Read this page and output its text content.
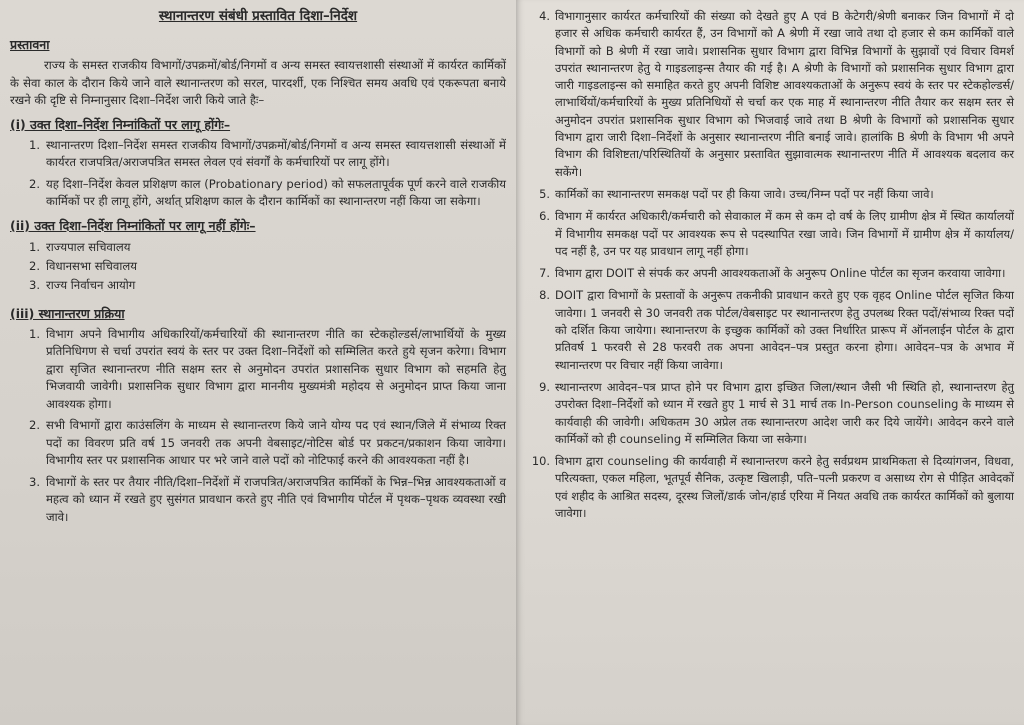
स्थानान्तरण संबंधी प्रस्तावित दिशा–निर्देश
प्रस्तावना

राज्य के समस्त राजकीय विभागों/उपक्रमों/बोर्ड/निगमों व अन्य समस्त स्वायत्तशासी संस्थाओं में कार्यरत कार्मिकों के सेवा काल के दौरान किये जाने वाले स्थानान्तरण को सरल, पारदर्शी, एक निश्चित समय अवधि एवं एकरूपता बनाये रखने की दृष्टि से निम्नानुसार दिशा–निर्देश जारी किये जाते हैः–

(i) उक्त दिशा–निर्देश निम्नांकितों पर लागू होंगेः–
1. स्थानान्तरण दिशा–निर्देश समस्त राजकीय विभागों/उपक्रमों/बोर्ड/निगमों व अन्य समस्त स्वायत्तशासी संस्थाओं में कार्यरत राजपत्रित/अराजपत्रित समस्त लेवल एवं संवर्गों के कर्मचारियों पर लागू होंगे।
2. यह दिशा–निर्देश केवल प्रशिक्षण काल (Probationary period) को सफलतापूर्वक पूर्ण करने वाले राजकीय कार्मिकों पर ही लागू होंगे, अर्थात् प्रशिक्षण काल के दौरान कार्मिकों का स्थानान्तरण नहीं किया जा सकेगा।
(ii) उक्त दिशा–निर्देश निम्नांकितों पर लागू नहीं होंगेः–
1. राज्यपाल सचिवालय
2. विधानसभा सचिवालय
3. राज्य निर्वाचन आयोग
(iii) स्थानान्तरण प्रक्रिया
1. विभाग अपने विभागीय अधिकारियों/कर्मचारियों की स्थानान्तरण नीति का स्टेकहोल्डर्स/लाभार्थियों के मुख्य प्रतिनिधिगण से चर्चा उपरांत स्वयं के स्तर पर उक्त दिशा–निर्देशों को सम्मिलित करते हुये सृजन करेगा। विभाग द्वारा सृजित स्थानान्तरण नीति सक्षम स्तर से अनुमोदन उपरांत प्रशासनिक सुधार विभाग को सहमति हेतु भिजवायी जावेगी। प्रशासनिक सुधार विभाग द्वारा माननीय मुख्यमंत्री महोदय से अनुमोदन प्राप्त किया जाना आवश्यक होगा।
2. सभी विभागों द्वारा काउंसलिंग के माध्यम से स्थानान्तरण किये जाने योग्य पद एवं स्थान/जिले में संभाव्य रिक्त पदों का विवरण प्रति वर्ष 15 जनवरी तक अपनी वेबसाइट/नोटिस बोर्ड पर प्रकटन/प्रकाशन किया जावेगा। विभागीय स्तर पर प्रशासनिक आधार पर भरे जाने वाले पदों को नोटिफाई करने की आवश्यकता नहीं है।
3. विभागों के स्तर पर तैयार नीति/दिशा–निर्देशों में राजपत्रित/अराजपत्रित कार्मिकों के भिन्न–भिन्न आवश्यकताओं व महत्व को ध्यान में रखते हुए सुसंगत प्रावधान करते हुए नीति एवं विभागीय पोर्टल में पृथक–पृथक व्यवस्था रखी जावे।
4. विभागानुसार कार्यरत कर्मचारियों की संख्या को देखते हुए A एवं B केटेगरी/श्रेणी बनाकर जिन विभागों में दो हजार से अधिक कर्मचारी कार्यरत हैं, उन विभागों को A श्रेणी में रखा जावे तथा दो हजार से कम कार्मिकों वाले विभागों को B श्रेणी में रखा जावे। प्रशासनिक सुधार विभाग द्वारा विभिन्न विभागों के सुझावों एवं विचार विमर्श उपरांत स्थानान्तरण हेतु ये गाइडलाइन्स तैयार की गई है। A श्रेणी के विभागों को प्रशासनिक सुधार विभाग द्वारा जारी गाइडलाइन्स को समाहित करते हुए अपनी विशिष्ट आवश्यकताओं के अनुरूप स्वयं के स्तर पर स्टेकहोल्डर्स/लाभार्थियों/कर्मचारियों के मुख्य प्रतिनिधियों से चर्चा कर एक माह में स्थानान्तरण नीति तैयार कर सक्षम स्तर से अनुमोदन उपरांत प्रशासनिक सुधार विभाग को भिजवाई जावे तथा B श्रेणी के विभागों को प्रशासनिक सुधार विभाग द्वारा जारी दिशा–निर्देशों के अनुसार स्थानान्तरण नीति बनाई जावे। हालांकि B श्रेणी के विभाग भी अपने विभाग की विशिष्टता/परिस्थितियों के अनुसार प्रस्तावित सुझावात्मक स्थानान्तरण नीति में आवश्यक बदलाव कर सकेंगे।
5. कार्मिकों का स्थानान्तरण समकक्ष पदों पर ही किया जावे। उच्च/निम्न पदों पर नहीं किया जावे।
6. विभाग में कार्यरत अधिकारी/कर्मचारी को सेवाकाल में कम से कम दो वर्ष के लिए ग्रामीण क्षेत्र में स्थित कार्यालयों में विभागीय समकक्ष पदों पर आवश्यक रूप से पदस्थापित रखा जावे। जिन विभागों में ग्रामीण क्षेत्र में कार्यालय/पद नहीं है, उन पर यह प्रावधान लागू नहीं होगा।
7. विभाग द्वारा DOIT से संपर्क कर अपनी आवश्यकताओं के अनुरूप Online पोर्टल का सृजन करवाया जावेगा।
8. DOIT द्वारा विभागों के प्रस्तावों के अनुरूप तकनीकी प्रावधान करते हुए एक वृहद Online पोर्टल सृजित किया जावेगा। 1 जनवरी से 30 जनवरी तक पोर्टल/वेबसाइट पर स्थानान्तरण हेतु उपलब्ध रिक्त पदों/संभाव्य रिक्त पदों को दर्शित किया जायेगा। स्थानान्तरण के इच्छुक कार्मिकों को उक्त निर्धारित प्रारूप में ऑनलाईन पोर्टल के द्वारा प्रतिवर्ष 1 फरवरी से 28 फरवरी तक अपना आवेदन–पत्र प्रस्तुत करना होगा। आवेदन–पत्र के अभाव में स्थानान्तरण पर विचार नहीं किया जावेगा।
9. स्थानान्तरण आवेदन–पत्र प्राप्त होने पर विभाग द्वारा इच्छित जिला/स्थान जैसी भी स्थिति हो, स्थानान्तरण हेतु उपरोक्त दिशा–निर्देशों को ध्यान में रखते हुए 1 मार्च से 31 मार्च तक In-Person counseling के माध्यम से कार्यवाही की जावेगी। अधिकतम 30 अप्रेल तक स्थानान्तरण आदेश जारी कर दिये जायेंगे। आवेदन करने वाले कार्मिकों को ही counseling में सम्मिलित किया जा सकेगा।
10. विभाग द्वारा counseling की कार्यवाही में स्थानान्तरण करने हेतु सर्वप्रथम प्राथमिकता से दिव्यांगजन, विधवा, परित्यक्ता, एकल महिला, भूतपूर्व सैनिक, उत्कृष्ट खिलाड़ी, पति–पत्नी प्रकरण व असाध्य रोग से पीड़ित आवेदकों एवं शहीद के आश्रित सदस्य, दूरस्थ जिलों/डार्क जोन/हार्ड एरिया में नियत अवधि तक कार्यरत कार्मिकों को बुलाया जावेगा।
